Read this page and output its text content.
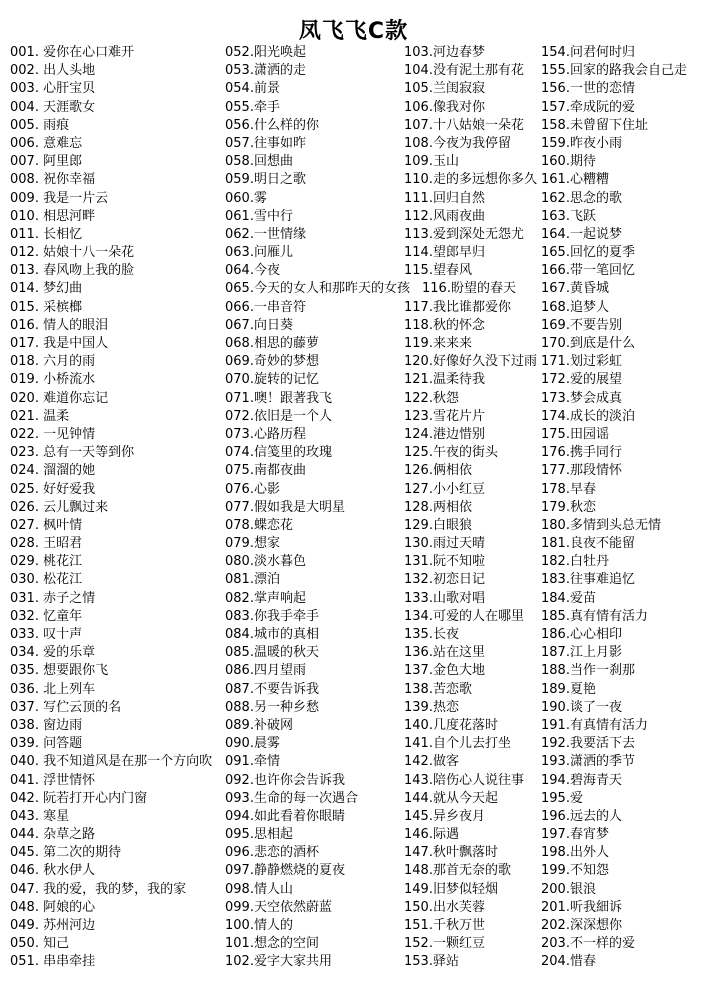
凤飞飞C款
001. 爱你在心口难开
002. 出人头地
003. 心肝宝贝
004. 天涯歌女
005. 雨痕
006. 意难忘
007. 阿里郎
008. 祝你幸福
009. 我是一片云
010. 相思河畔
011. 长相忆
012. 姑娘十八一朵花
013. 春风吻上我的脸
014. 梦幻曲
015. 采槟榔
016. 情人的眼泪
017. 我是中国人
018. 六月的雨
019. 小桥流水
020. 难道你忘记
021. 温柔
022. 一见钟情
023. 总有一天等到你
024. 溜溜的她
025. 好好爱我
026. 云儿飘过来
027. 枫叶情
028. 王昭君
029. 桃花江
030. 松花江
031. 赤子之情
032. 忆童年
033. 叹十声
034. 爱的乐章
035. 想要跟你飞
036. 北上列车
037. 写伫云顶的名
038. 窗边雨
039. 问答题
040. 我不知道风是在那一个方向吹
041. 浮世情怀
042. 阮若打开心内门窗
043. 寒星
044. 杂草之路
045. 第二次的期待
046. 秋水伊人
047. 我的爱，我的梦，我的家
048. 阿娘的心
049. 苏州河边
050. 知己
051. 串串牵挂
052.阳光唤起
053.潇洒的走
054.前景
055.牵手
056.什么样的你
057.往事如昨
058.回想曲
059.明日之歌
060.雾
061.雪中行
062.一世情缘
063.问雁儿
064.今夜
065.今天的女人和那昨天的女孩
066.一串音符
067.向日葵
068.相思的藤萝
069.奇妙的梦想
070.旋转的记忆
071.噢！跟著我飞
072.依旧是一个人
073.心路历程
074.信笺里的玫瑰
075.南都夜曲
076.心影
077.假如我是大明星
078.蝶恋花
079.想家
080.淡水暮色
081.漂泊
082.掌声响起
083.你我手牵手
084.城市的真相
085.温暖的秋天
086.四月望雨
087.不要告诉我
088.另一种乡愁
089.补破网
090.晨雾
091.牵情
092.也许你会告诉我
093.生命的每一次遇合
094.如此看着你眼睛
095.思相起
096.悲恋的酒杯
097.静静燃烧的夏夜
098.情人山
099.天空依然蔚蓝
100.情人的
101.想念的空间
102.爱字大家共用
103.河边春梦
104.没有泥土那有花
105.兰闺寂寂
106.像我对你
107.十八姑娘一朵花
108.今夜为我停留
109.玉山
110.走的多远想你多久
111.回归自然
112.风雨夜曲
113.爱到深处无怨尤
114.望郎早归
115.望春风
116.盼望的春天
117.我比谁都爱你
118.秋的怀念
119.来来来
120.好像好久没下过雨
121.温柔待我
122.秋怨
123.雪花片片
124.港边惜别
125.午夜的街头
126.俩相依
127.小小红豆
128.两相依
129.白眼狼
130.雨过天晴
131.阮不知啦
132.初恋日记
133.山歌对唱
134.可爱的人在哪里
135.长夜
136.站在这里
137.金色大地
138.苦恋歌
139.热恋
140.几度花落时
141.自个儿去打坐
142.做客
143.陪伤心人说往事
144.就从今天起
145.异乡夜月
146.际遇
147.秋叶飘落时
148.那首无奈的歌
149.旧梦似轻烟
150.出水芙蓉
151.千秋万世
152.一颗红豆
153.驿站
154.问君何时归
155.回家的路我会自己走
156.一世的恋情
157.牵成阮的爱
158.未曾留下住址
159.昨夜小雨
160.期待
161.心糟糟
162.思念的歌
163.飞跃
164.一起说梦
165.回忆的夏季
166.带一笔回忆
167.黄昏城
168.追梦人
169.不要告别
170.到底是什么
171.划过彩虹
172.爱的展望
173.梦会成真
174.成长的淡泊
175.田园谣
176.携手同行
177.那段情怀
178.早春
179.秋恋
180.多情到头总无情
181.良夜不能留
182.白牡丹
183.往事难追忆
184.爱苗
185.真有情有活力
186.心心相印
187.江上月影
188.当作一刹那
189.夏艳
190.谈了一夜
191.有真情有活力
192.我要活下去
193.潇洒的季节
194.碧海青天
195.爱
196.远去的人
197.春宵梦
198.出外人
199.不知怨
200.银浪
201.听我細诉
202.深深想你
203.不一样的爱
204.惜春
